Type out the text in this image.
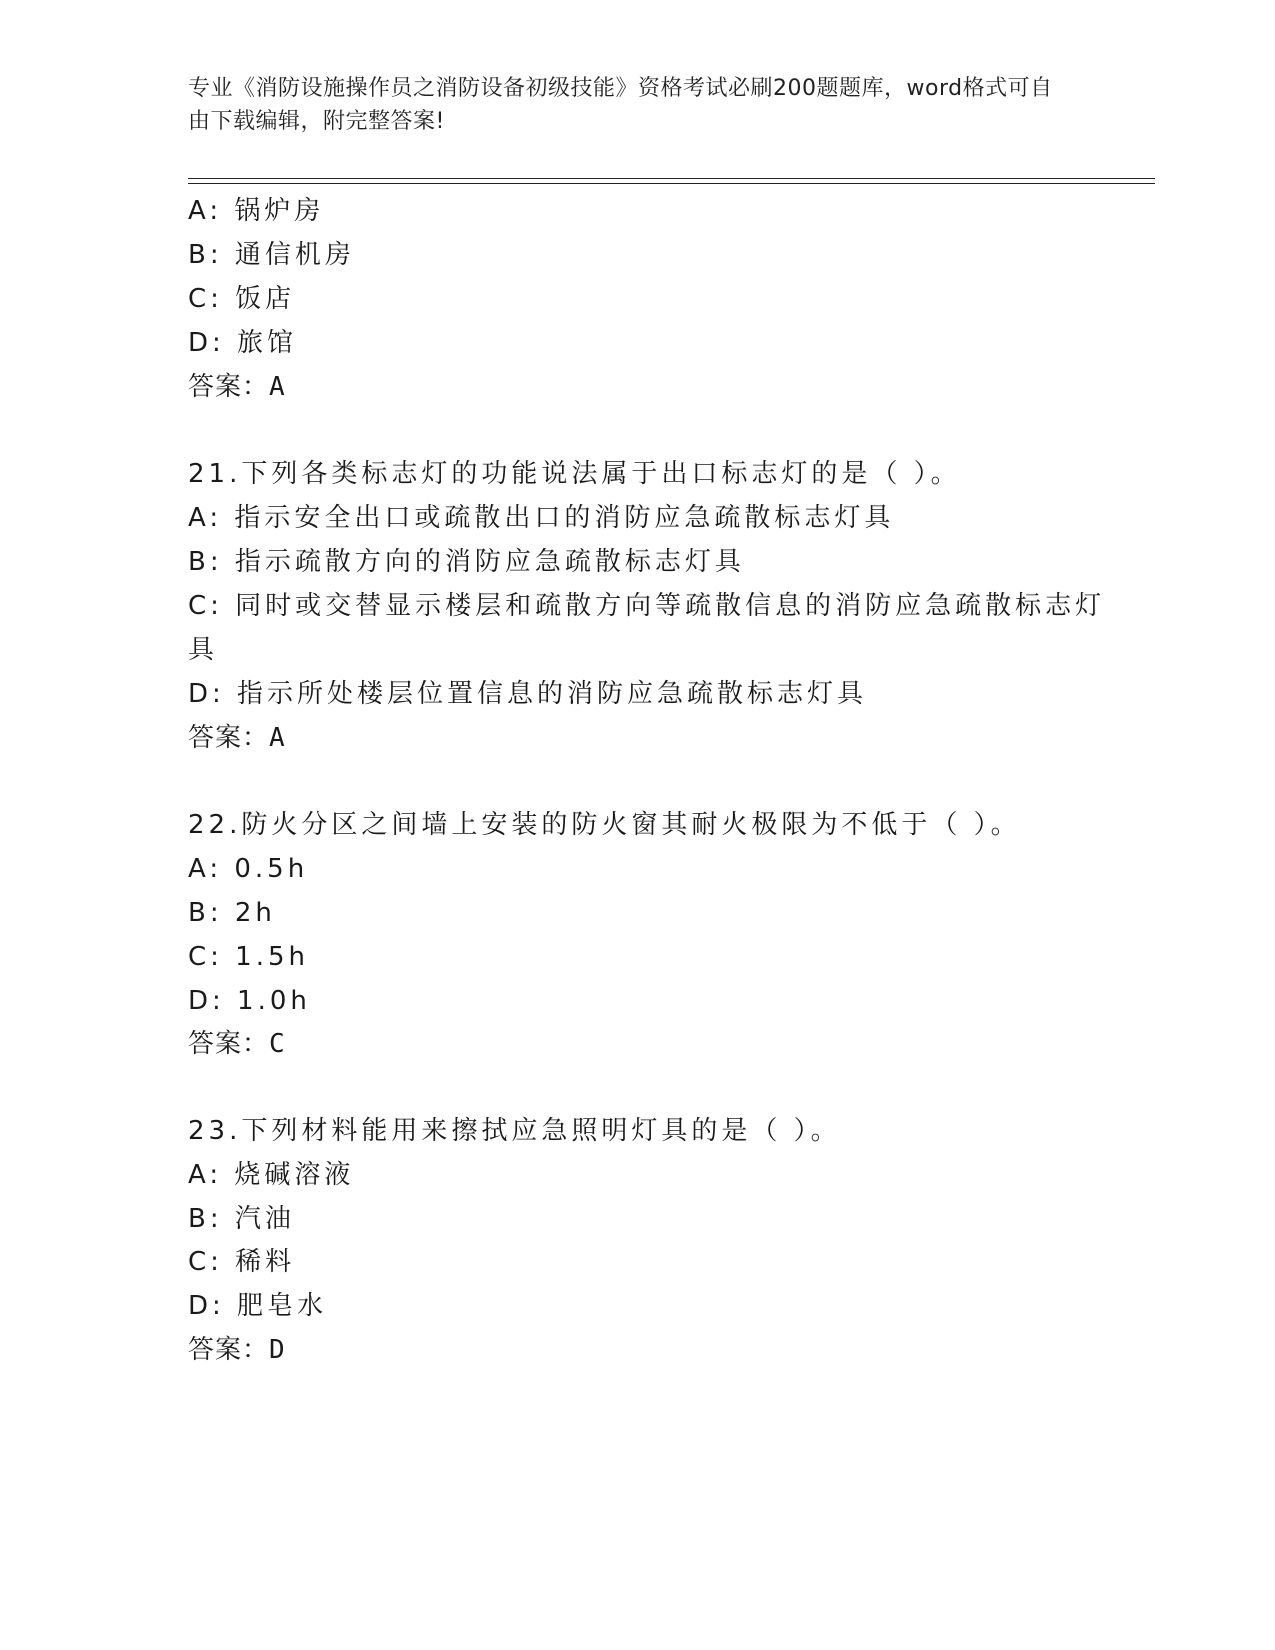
专业《消防设施操作员之消防设备初级技能》资格考试必刷200题题库，word格式可自由下载编辑，附完整答案!
A: 锅炉房
B: 通信机房
C: 饭店
D: 旅馆
答案：A
21.下列各类标志灯的功能说法属于出口标志灯的是（ ）。
A: 指示安全出口或疏散出口的消防应急疏散标志灯具
B: 指示疏散方向的消防应急疏散标志灯具
C: 同时或交替显示楼层和疏散方向等疏散信息的消防应急疏散标志灯
具
D: 指示所处楼层位置信息的消防应急疏散标志灯具
答案：A
22.防火分区之间墙上安装的防火窗其耐火极限为不低于（ ）。
A: 0.5h
B: 2h
C: 1.5h
D: 1.0h
答案：C
23.下列材料能用来擦拭应急照明灯具的是（ ）。
A: 烧碱溶液
B: 汽油
C: 稀料
D: 肥皂水
答案：D
